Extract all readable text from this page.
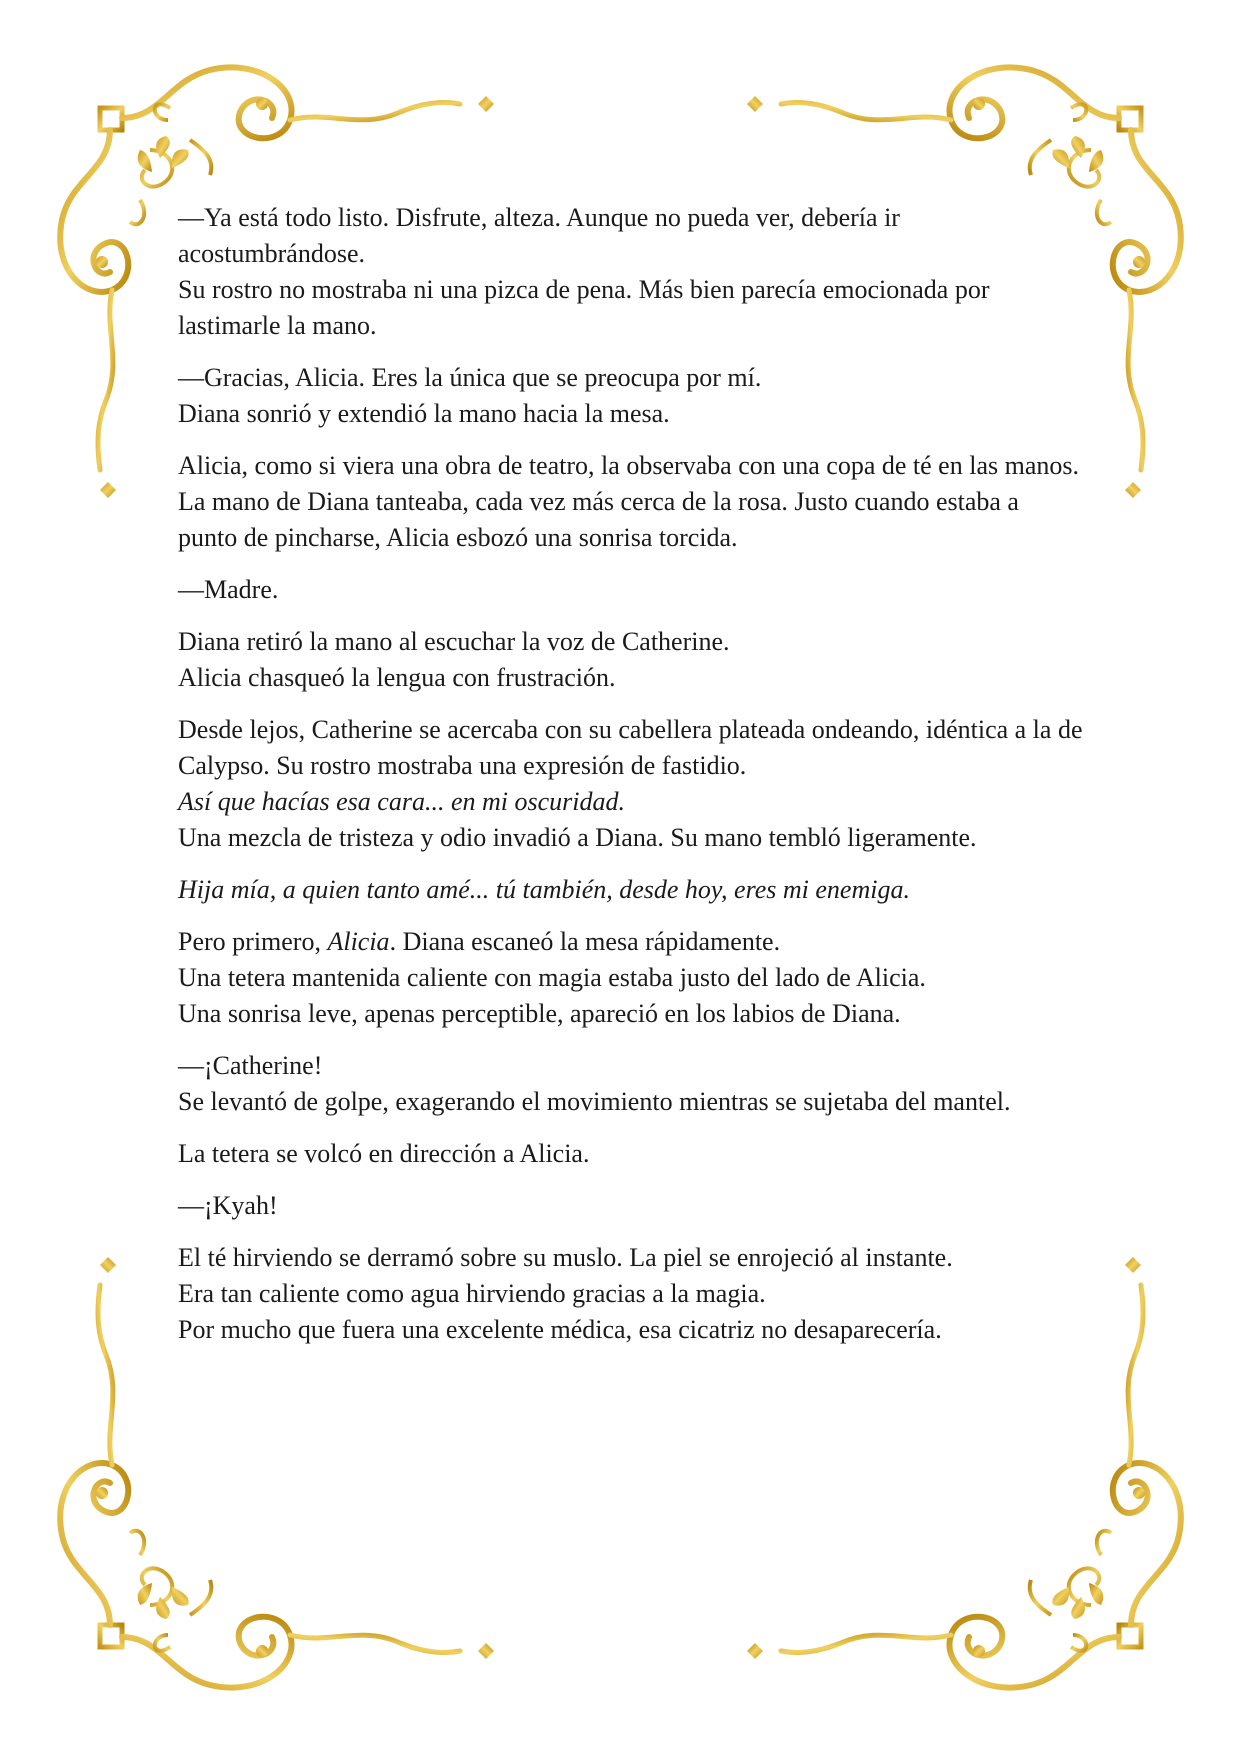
—Ya está todo listo. Disfrute, alteza. Aunque no pueda ver, debería ir acostumbrándose.
Su rostro no mostraba ni una pizca de pena. Más bien parecía emocionada por lastimarle la mano.

—Gracias, Alicia. Eres la única que se preocupa por mí.
Diana sonrió y extendió la mano hacia la mesa.

Alicia, como si viera una obra de teatro, la observaba con una copa de té en las manos.
La mano de Diana tanteaba, cada vez más cerca de la rosa. Justo cuando estaba a punto de pincharse, Alicia esbozó una sonrisa torcida.

—Madre.

Diana retiró la mano al escuchar la voz de Catherine.
Alicia chasqueó la lengua con frustración.

Desde lejos, Catherine se acercaba con su cabellera plateada ondeando, idéntica a la de Calypso. Su rostro mostraba una expresión de fastidio.
Así que hacías esa cara... en mi oscuridad.
Una mezcla de tristeza y odio invadió a Diana. Su mano tembló ligeramente.

Hija mía, a quien tanto amé... tú también, desde hoy, eres mi enemiga.

Pero primero, Alicia. Diana escaneó la mesa rápidamente.
Una tetera mantenida caliente con magia estaba justo del lado de Alicia.
Una sonrisa leve, apenas perceptible, apareció en los labios de Diana.

—¡Catherine!
Se levantó de golpe, exagerando el movimiento mientras se sujetaba del mantel.

La tetera se volcó en dirección a Alicia.

—¡Kyah!

El té hirviendo se derramó sobre su muslo. La piel se enrojeció al instante.
Era tan caliente como agua hirviendo gracias a la magia.
Por mucho que fuera una excelente médica, esa cicatriz no desaparecería.
